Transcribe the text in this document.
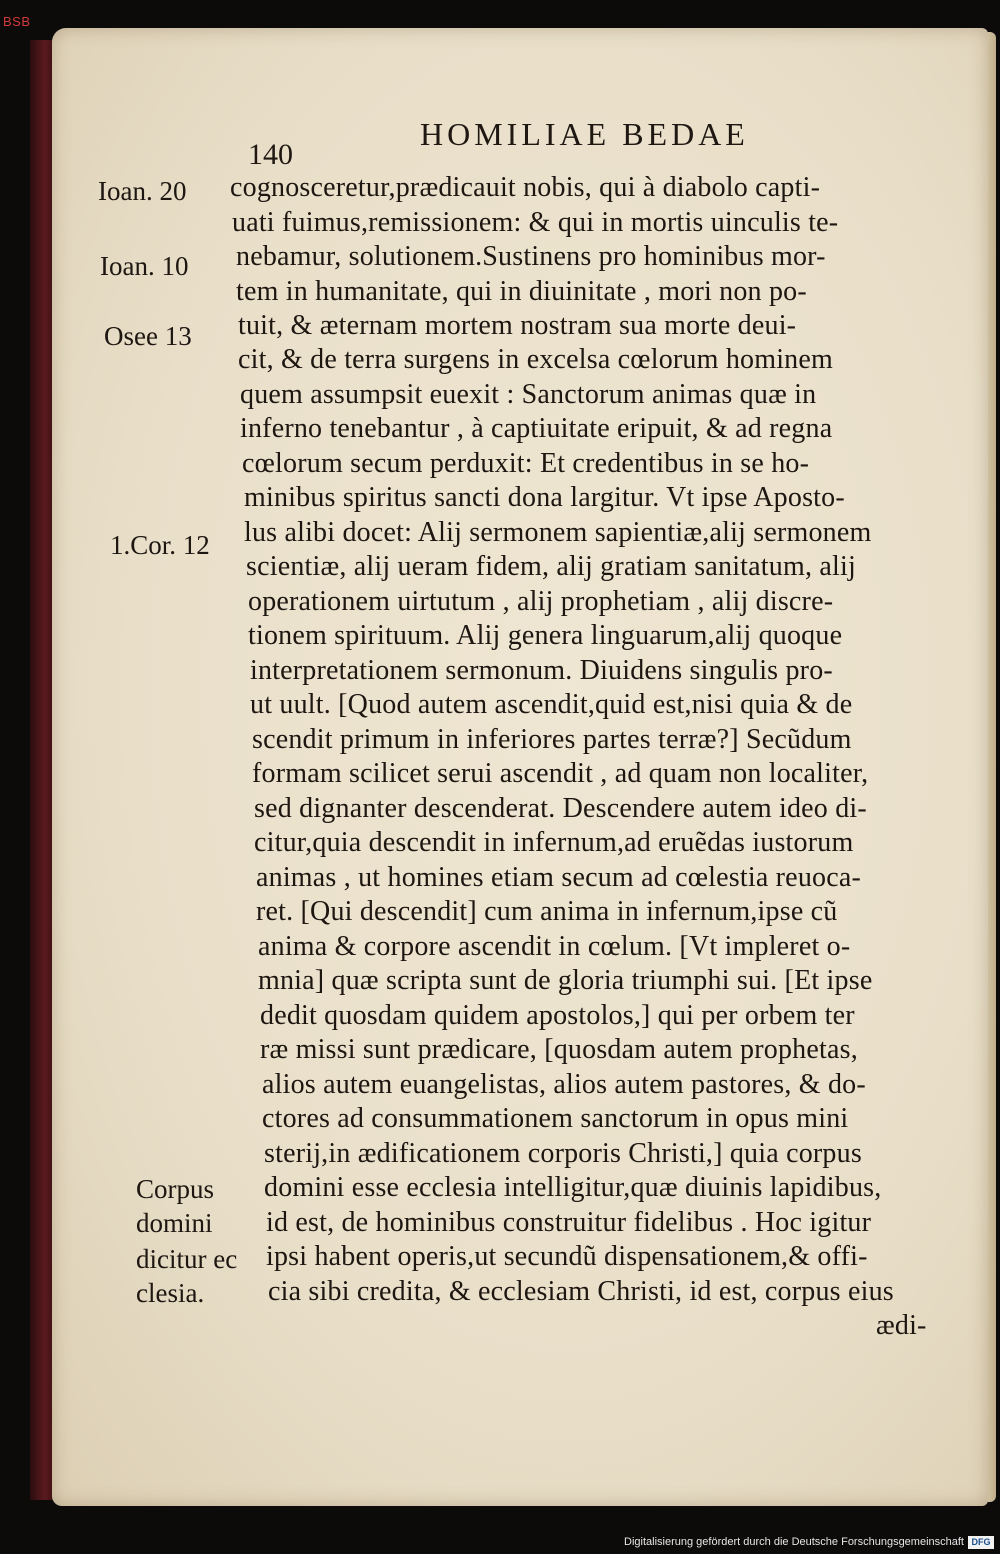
BSB
140
HOMILIAE BEDAE
Ioan. 20
Ioan. 10
Osee 13
1.Cor. 12
cognosceretur,prædicauit nobis, qui à diabolo capti-
uati fuimus,remissionem: & qui in mortis uinculis te-
nebamur, solutionem.Sustinens pro hominibus mor-
tem in humanitate, qui in diuinitate , mori non po-
tuit, & æternam mortem nostram sua morte deui-
cit, & de terra surgens in excelsa cœlorum hominem
quem assumpsit euexit : Sanctorum animas quæ in
inferno tenebantur , à captiuitate eripuit, & ad regna
cœlorum secum perduxit: Et credentibus in se ho-
minibus spiritus sancti dona largitur. Vt ipse Aposto-
lus alibi docet: Alij sermonem sapientiæ,alij sermonem
scientiæ, alij ueram fidem, alij gratiam sanitatum, alij
operationem uirtutum , alij prophetiam , alij discre-
tionem spirituum. Alij genera linguarum,alij quoque
interpretationem sermonum. Diuidens singulis pro-
ut uult. [Quod autem ascendit,quid est,nisi quia & de
scendit primum in inferiores partes terræ?] Secũdum
formam scilicet serui ascendit , ad quam non localiter,
sed dignanter descenderat. Descendere autem ideo di-
citur,quia descendit in infernum,ad eruẽdas iustorum
animas , ut homines etiam secum ad cœlestia reuoca-
ret. [Qui descendit] cum anima in infernum,ipse cũ
anima & corpore ascendit in cœlum. [Vt impleret o-
mnia] quæ scripta sunt de gloria triumphi sui. [Et ipse
dedit quosdam quidem apostolos,] qui per orbem ter
ræ missi sunt prædicare, [quosdam autem prophetas,
alios autem euangelistas, alios autem pastores, & do-
ctores ad consummationem sanctorum in opus mini
sterij,in ædificationem corporis Christi,] quia corpus
domini esse ecclesia intelligitur,quæ diuinis lapidibus,
id est, de hominibus construitur fidelibus . Hoc igitur
ipsi habent operis,ut secundũ dispensationem,& offi-
cia sibi credita, & ecclesiam Christi, id est, corpus eius
ædi-
Corpus
domini
dicitur ec
clesia.
Digitalisierung gefördert durch die Deutsche Forschungsgemeinschaft DFG
